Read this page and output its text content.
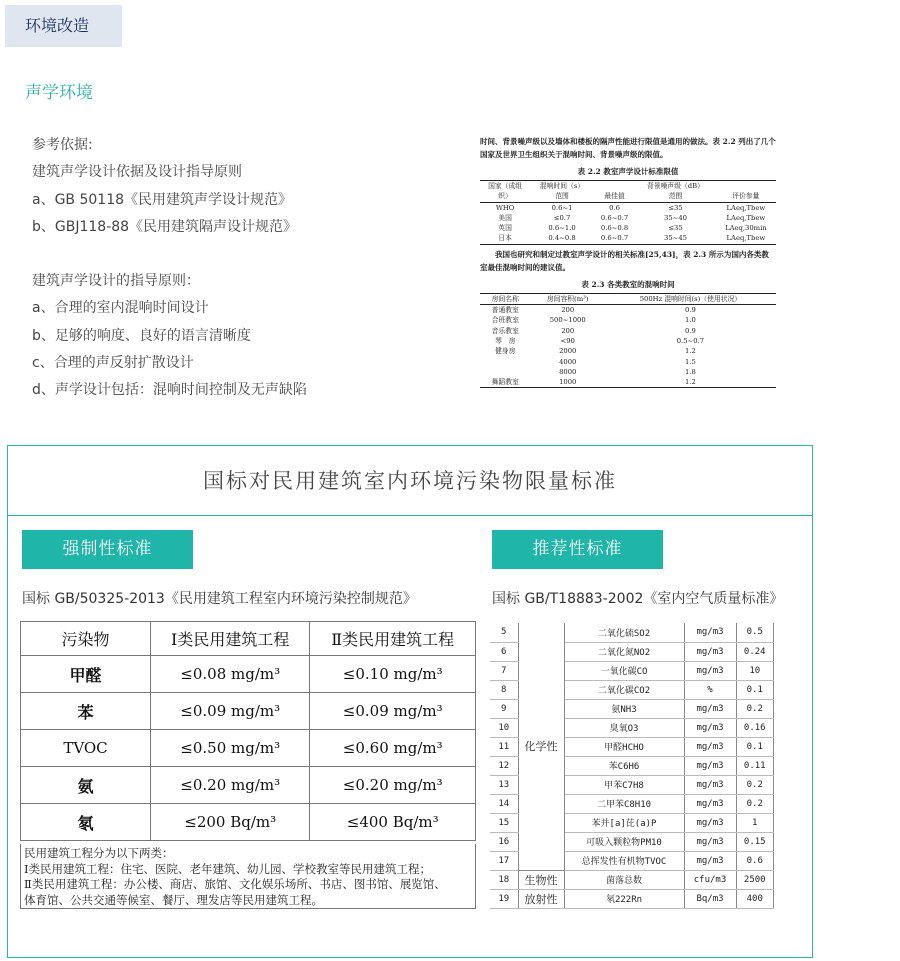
环境改造
声学环境
参考依据:
建筑声学设计依据及设计指导原则
a、GB 50118《民用建筑声学设计规范》
b、GBJ118-88《民用建筑隔声设计规范》
建筑声学设计的指导原则：
a、合理的室内混响时间设计
b、足够的响度、良好的语言清晰度
c、合理的声反射扩散设计
d、声学设计包括：混响时间控制及无声缺陷

时间、背景噪声级以及墙体和楼板的隔声性能进行限值是通用的做法。表 2.2 列出了几个国家及世界卫生组织关于混响时间、背景噪声级的限值。

表 2.2 教室声学设计标准限值
国家（成组	混响时间（s）		背景噪声级（dB）	
织）	范围	最佳值	范围	评价参量
WHO	0.6~1	0.6	≤35	LAeq,Tbew
美国	≤0.7	0.6~0.7	35~40	LAeq,Tbew
英国	0.6~1.0	0.6~0.8	≤35	LAeq,30min
日本	0.4~0.8	0.6~0.7	35~45	LAeq,Tbew

我国也研究和制定过教室声学设计的相关标准[25,43]，表 2.3 所示为国内各类教室最佳混响时间的建议值。

表 2.3 各类教室的混响时间
房间名称	房间容积(m³)	500Hz 混响时间(s)（使用状况）
普通教室	200	0.9
合班教室	500~1000	1.0
音乐教室	200	0.9
琴　房	<90	0.5~0.7
健身房	2000	1.2
	4000	1.5
	8000	1.8
舞蹈教室	1000	1.2
国标对民用建筑室内环境污染物限量标准
强制性标准	推荐性标准
国标 GB/50325-2013《民用建筑工程室内环境污染控制规范》	国标 GB/T18883-2002《室内空气质量标准》
污染物	Ⅰ类民用建筑工程	Ⅱ类民用建筑工程
甲醛	≤0.08 mg/m³	≤0.10 mg/m³
苯	≤0.09 mg/m³	≤0.09 mg/m³
TVOC	≤0.50 mg/m³	≤0.60 mg/m³
氨	≤0.20 mg/m³	≤0.20 mg/m³
氡	≤200 Bq/m³	≤400 Bq/m³
民用建筑工程分为以下两类：
Ⅰ类民用建筑工程：住宅、医院、老年建筑、幼儿园、学校教室等民用建筑工程；
Ⅱ类民用建筑工程：办公楼、商店、旅馆、文化娱乐场所、书店、图书馆、展览馆、
体育馆、公共交通等候室、餐厅、理发店等民用建筑工程。
5	化学性	二氧化硫SO2	mg/m3	0.5
6		二氧化氮NO2	mg/m3	0.24
7		一氧化碳CO	mg/m3	10
8		二氧化碳CO2	%	0.1
9		氨NH3	mg/m3	0.2
10		臭氧O3	mg/m3	0.16
11		甲醛HCHO	mg/m3	0.1
12		苯C6H6	mg/m3	0.11
13		甲苯C7H8	mg/m3	0.2
14		二甲苯C8H10	mg/m3	0.2
15		苯并[a]芘(a)P	mg/m3	1
16		可吸入颗粒物PM10	mg/m3	0.15
17		总挥发性有机物TVOC	mg/m3	0.6
18	生物性	菌落总数	cfu/m3	2500
19	放射性	氡222Rn	Bq/m3	400
